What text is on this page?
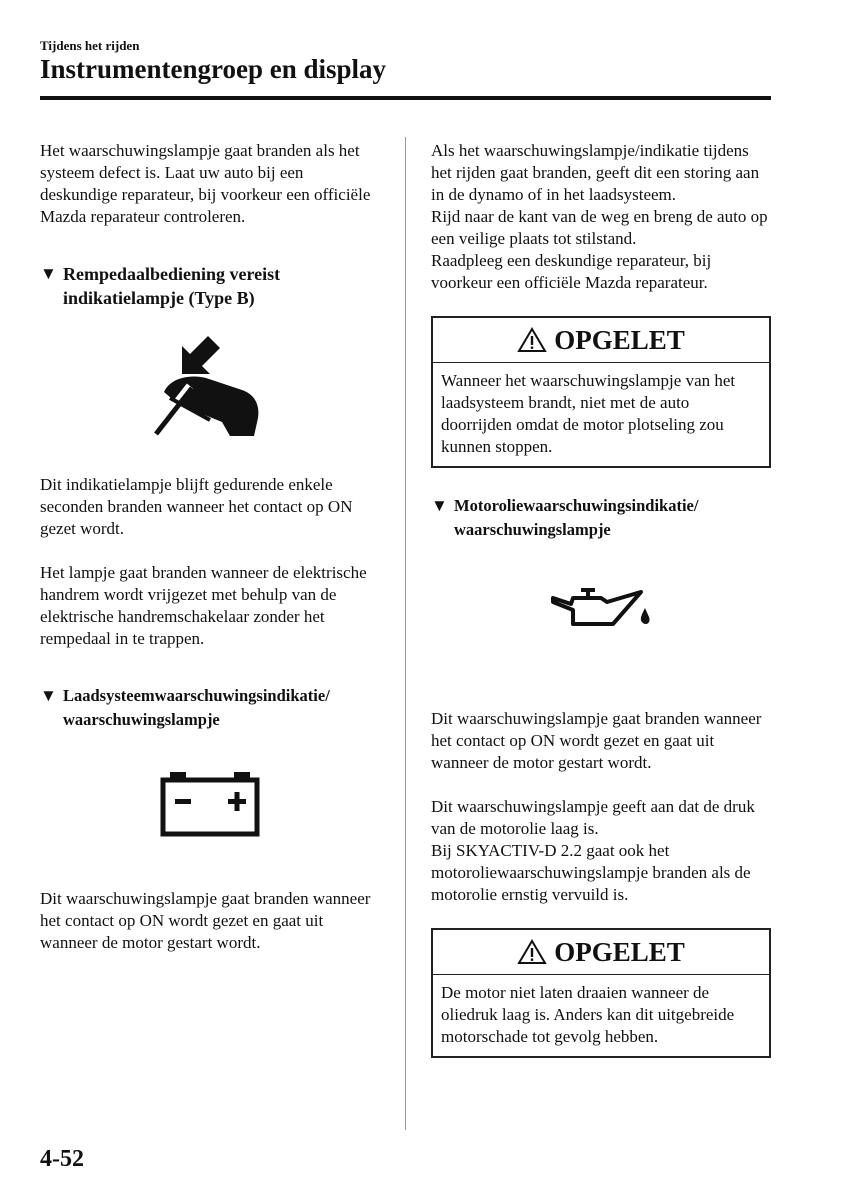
Tijdens het rijden
Instrumentengroep en display

Het waarschuwingslampje gaat branden als het systeem defect is. Laat uw auto bij een deskundige reparateur, bij voorkeur een officiële Mazda reparateur controleren.

▼ Rempedaalbediening vereist
indikatielampje (Type B)

Dit indikatielampje blijft gedurende enkele seconden branden wanneer het contact op ON gezet wordt.

Het lampje gaat branden wanneer de elektrische handrem wordt vrijgezet met behulp van de elektrische handremschakelaar zonder het rempedaal in te trappen.

▼ Laadsysteemwaarschuwingsindikatie/
waarschuwingslampje

Dit waarschuwingslampje gaat branden wanneer het contact op ON wordt gezet en gaat uit wanneer de motor gestart wordt.

Als het waarschuwingslampje/indikatie tijdens het rijden gaat branden, geeft dit een storing aan in de dynamo of in het laadsysteem.

Rijd naar de kant van de weg en breng de auto op een veilige plaats tot stilstand.

Raadpleeg een deskundige reparateur, bij voorkeur een officiële Mazda reparateur.

OPGELET
Wanneer het waarschuwingslampje van het laadsysteem brandt, niet met de auto doorrijden omdat de motor plotseling zou kunnen stoppen.
▼ Motoroliewaarschuwingsindikatie/
waarschuwingslampje

Dit waarschuwingslampje gaat branden wanneer het contact op ON wordt gezet en gaat uit wanneer de motor gestart wordt.

Dit waarschuwingslampje geeft aan dat de druk van de motorolie laag is.

Bij SKYACTIV-D 2.2 gaat ook het motoroliewaarschuwingslampje branden als de motorolie ernstig vervuild is.

OPGELET
De motor niet laten draaien wanneer de oliedruk laag is. Anders kan dit uitgebreide motorschade tot gevolg hebben.
4-52
